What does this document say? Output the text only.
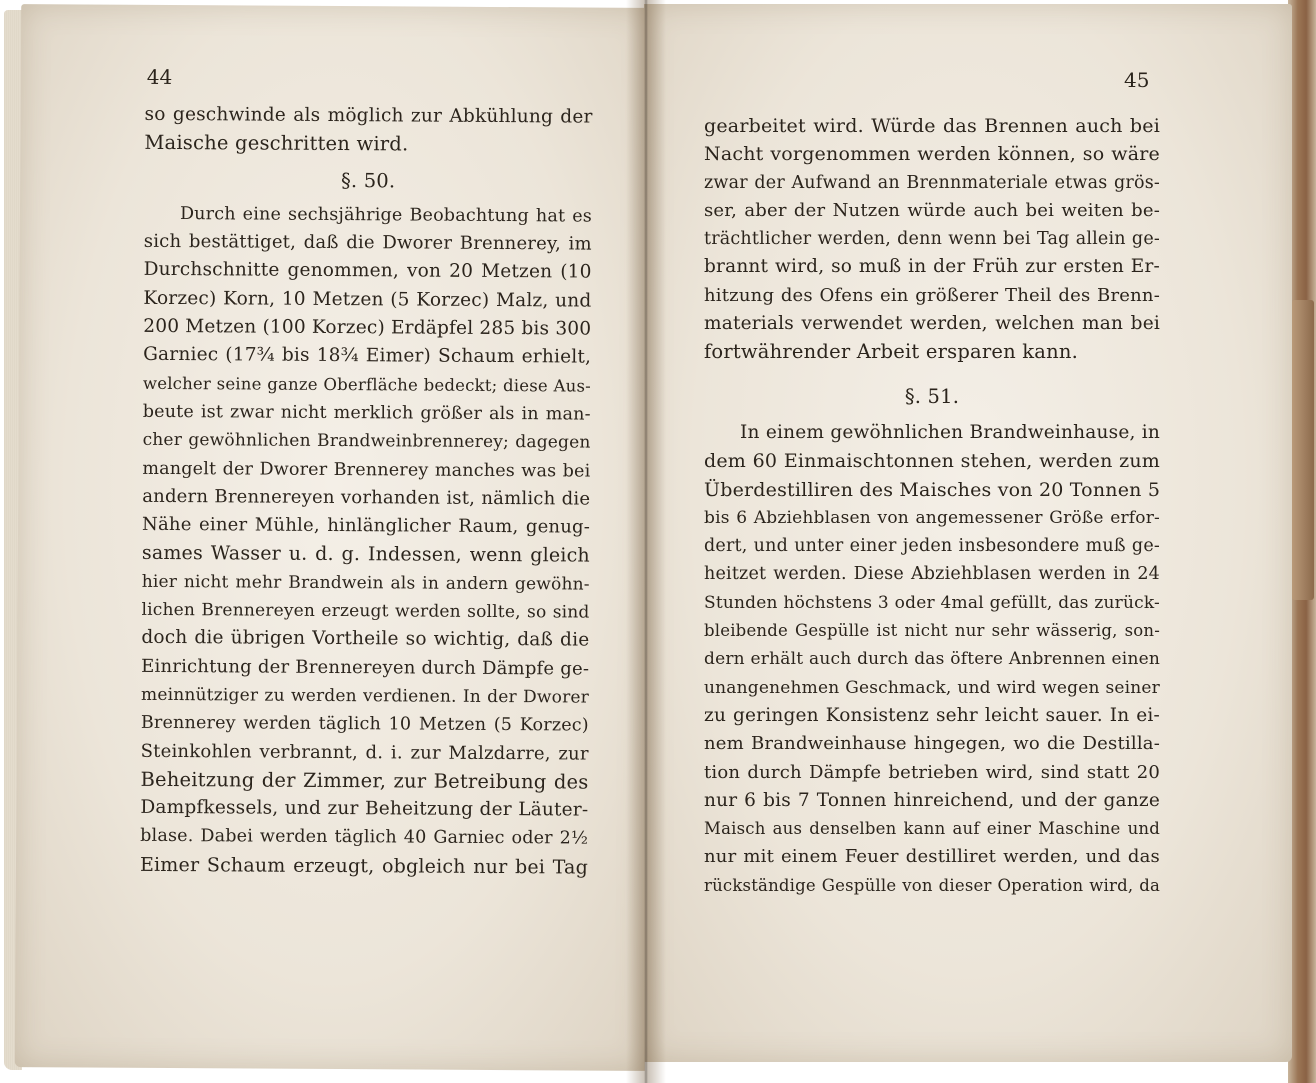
44
so geschwinde als möglich zur Abkühlung der
Maische geschritten wird.
§. 50.
Durch eine sechsjährige Beobachtung hat es
sich bestättiget, daß die Dworer Brennerey, im
Durchschnitte genommen, von 20 Metzen (10
Korzec) Korn, 10 Metzen (5 Korzec) Malz, und
200 Metzen (100 Korzec) Erdäpfel 285 bis 300
Garniec (17¾ bis 18¾ Eimer) Schaum erhielt,
welcher seine ganze Oberfläche bedeckt; diese Aus-
beute ist zwar nicht merklich größer als in man-
cher gewöhnlichen Brandweinbrennerey; dagegen
mangelt der Dworer Brennerey manches was bei
andern Brennereyen vorhanden ist, nämlich die
Nähe einer Mühle, hinlänglicher Raum, genug-
sames Wasser u. d. g. Indessen, wenn gleich
hier nicht mehr Brandwein als in andern gewöhn-
lichen Brennereyen erzeugt werden sollte, so sind
doch die übrigen Vortheile so wichtig, daß die
Einrichtung der Brennereyen durch Dämpfe ge-
meinnütziger zu werden verdienen. In der Dworer
Brennerey werden täglich 10 Metzen (5 Korzec)
Steinkohlen verbrannt, d. i. zur Malzdarre, zur
Beheitzung der Zimmer, zur Betreibung des
Dampfkessels, und zur Beheitzung der Läuter-
blase. Dabei werden täglich 40 Garniec oder 2½
Eimer Schaum erzeugt, obgleich nur bei Tag
45
gearbeitet wird. Würde das Brennen auch bei
Nacht vorgenommen werden können, so wäre
zwar der Aufwand an Brennmateriale etwas grös-
ser, aber der Nutzen würde auch bei weiten be-
trächtlicher werden, denn wenn bei Tag allein ge-
brannt wird, so muß in der Früh zur ersten Er-
hitzung des Ofens ein größerer Theil des Brenn-
materials verwendet werden, welchen man bei
fortwährender Arbeit ersparen kann.
§. 51.
In einem gewöhnlichen Brandweinhause, in
dem 60 Einmaischtonnen stehen, werden zum
Überdestilliren des Maisches von 20 Tonnen 5
bis 6 Abziehblasen von angemessener Größe erfor-
dert, und unter einer jeden insbesondere muß ge-
heitzet werden. Diese Abziehblasen werden in 24
Stunden höchstens 3 oder 4mal gefüllt, das zurück-
bleibende Gespülle ist nicht nur sehr wässerig, son-
dern erhält auch durch das öftere Anbrennen einen
unangenehmen Geschmack, und wird wegen seiner
zu geringen Konsistenz sehr leicht sauer. In ei-
nem Brandweinhause hingegen, wo die Destilla-
tion durch Dämpfe betrieben wird, sind statt 20
nur 6 bis 7 Tonnen hinreichend, und der ganze
Maisch aus denselben kann auf einer Maschine und
nur mit einem Feuer destilliret werden, und das
rückständige Gespülle von dieser Operation wird, da
